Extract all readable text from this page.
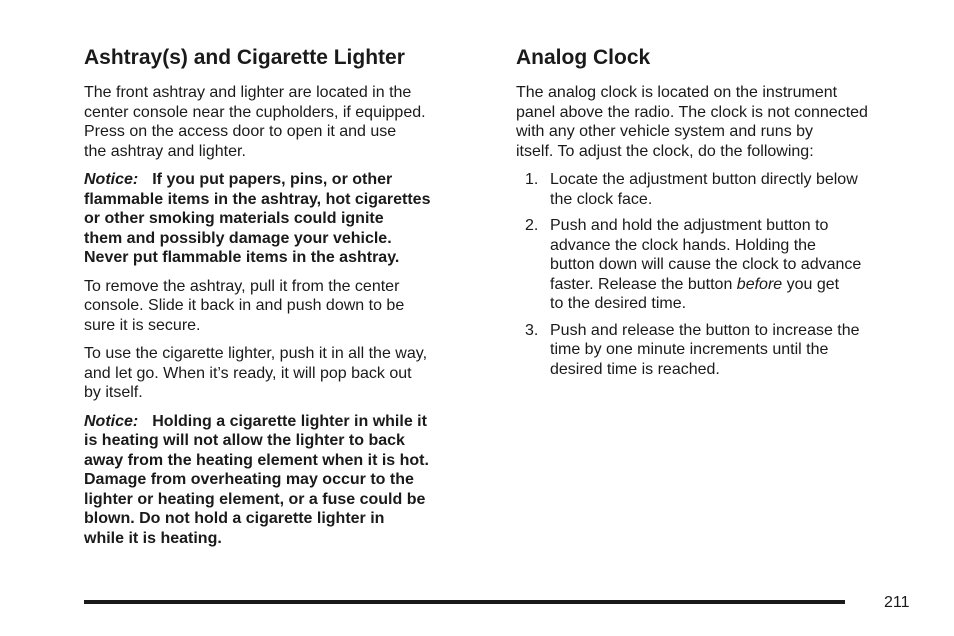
Ashtray(s) and Cigarette Lighter

The front ashtray and lighter are located in the
center console near the cupholders, if equipped.
Press on the access door to open it and use
the ashtray and lighter.

Notice: If you put papers, pins, or other
flammable items in the ashtray, hot cigarettes
or other smoking materials could ignite
them and possibly damage your vehicle.
Never put flammable items in the ashtray.

To remove the ashtray, pull it from the center
console. Slide it back in and push down to be
sure it is secure.

To use the cigarette lighter, push it in all the way,
and let go. When it’s ready, it will pop back out
by itself.

Notice: Holding a cigarette lighter in while it
is heating will not allow the lighter to back
away from the heating element when it is hot.
Damage from overheating may occur to the
lighter or heating element, or a fuse could be
blown. Do not hold a cigarette lighter in
while it is heating.

Analog Clock

The analog clock is located on the instrument
panel above the radio. The clock is not connected
with any other vehicle system and runs by
itself. To adjust the clock, do the following:

1. Locate the adjustment button directly below
the clock face.
2. Push and hold the adjustment button to
advance the clock hands. Holding the
button down will cause the clock to advance
faster. Release the button before you get
to the desired time.
3. Push and release the button to increase the
time by one minute increments until the
desired time is reached.
211
